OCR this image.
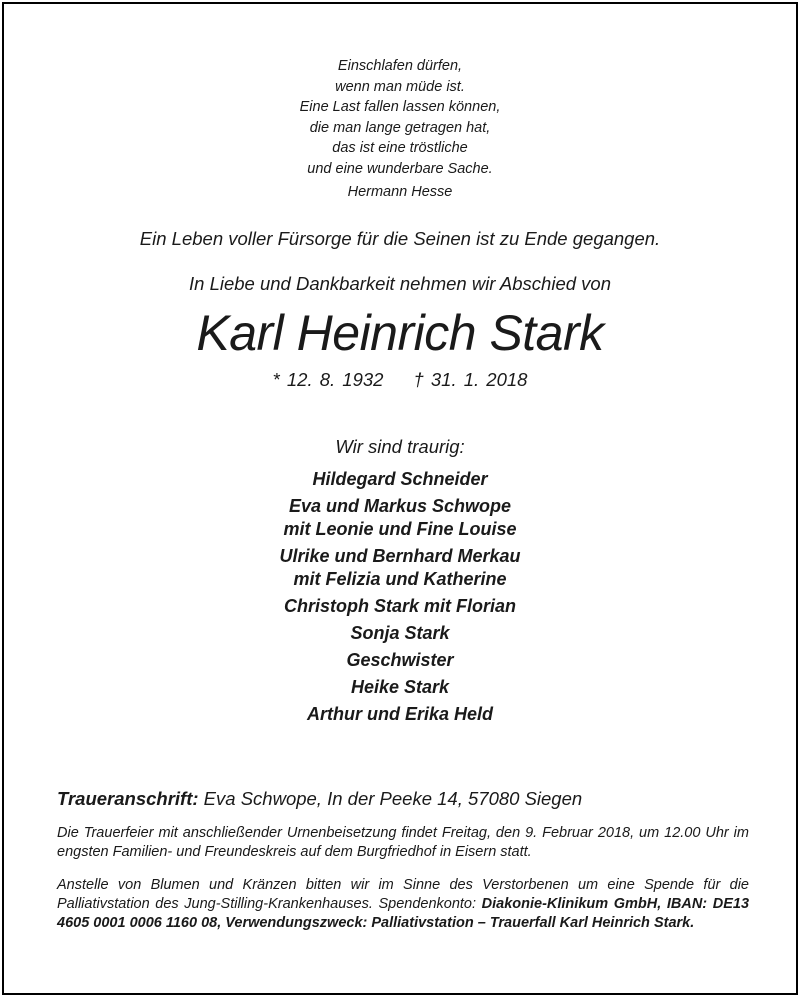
Einschlafen dürfen,
wenn man müde ist.
Eine Last fallen lassen können,
die man lange getragen hat,
das ist eine tröstliche
und eine wunderbare Sache.
Hermann Hesse
Ein Leben voller Fürsorge für die Seinen ist zu Ende gegangen.
In Liebe und Dankbarkeit nehmen wir Abschied von
Karl Heinrich Stark
* 12. 8. 1932 † 31. 1. 2018
Wir sind traurig:
Hildegard Schneider
Eva und Markus Schwope
mit Leonie und Fine Louise
Ulrike und Bernhard Merkau
mit Felizia und Katherine
Christoph Stark mit Florian
Sonja Stark
Geschwister
Heike Stark
Arthur und Erika Held
Traueranschrift: Eva Schwope, In der Peeke 14, 57080 Siegen
Die Trauerfeier mit anschließender Urnenbeisetzung findet Freitag, den 9. Februar 2018, um 12.00 Uhr im engsten Familien- und Freundeskreis auf dem Burgfriedhof in Eisern statt.
Anstelle von Blumen und Kränzen bitten wir im Sinne des Verstorbenen um eine Spende für die Palliativstation des Jung-Stilling-Krankenhauses. Spendenkonto: Diakonie-Klinikum GmbH, IBAN: DE13 4605 0001 0006 1160 08, Verwendungszweck: Palliativstation – Trauerfall Karl Heinrich Stark.
